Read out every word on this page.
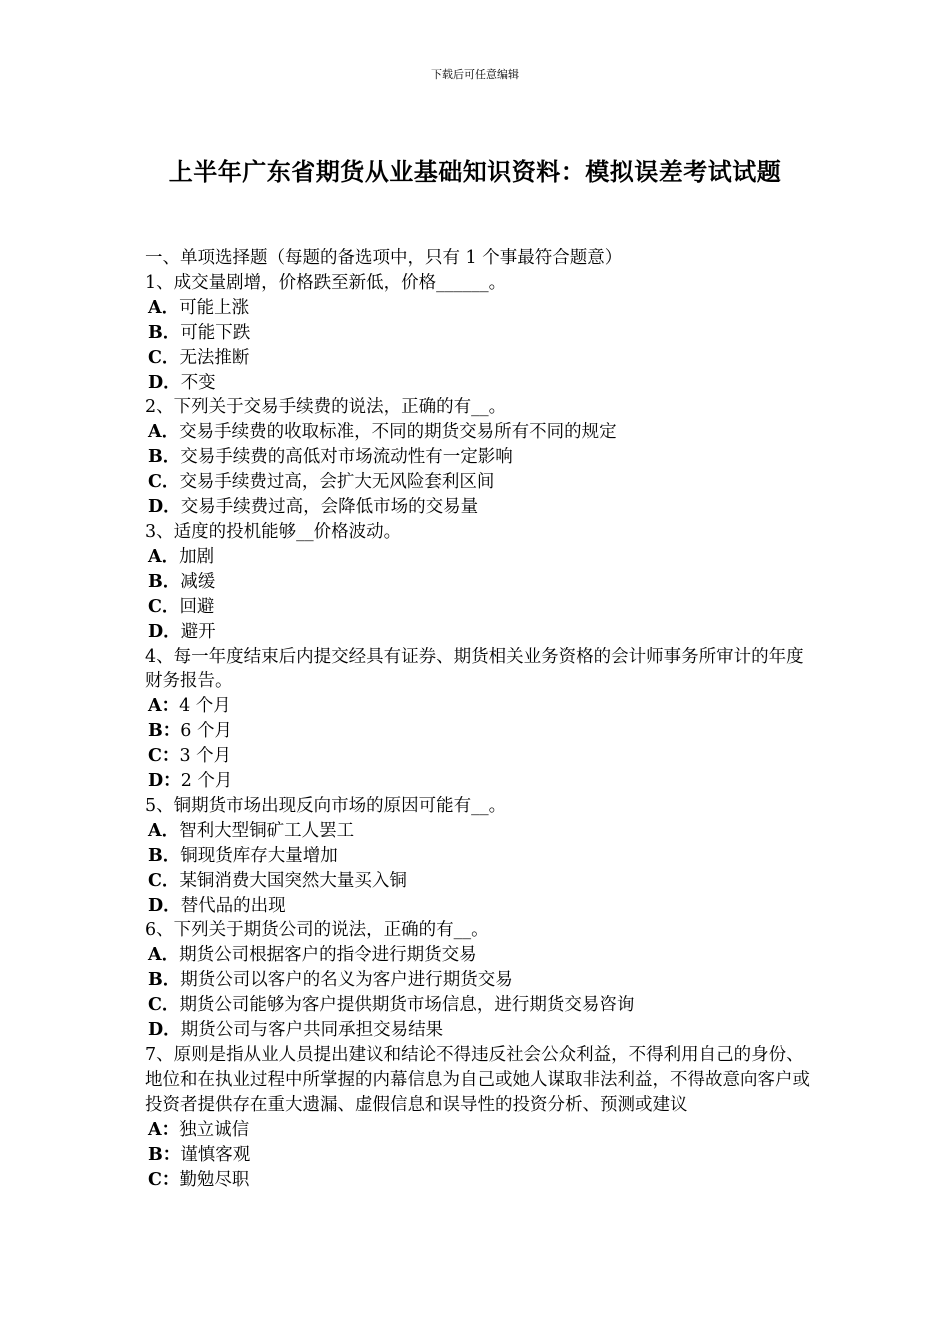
下载后可任意编辑
上半年广东省期货从业基础知识资料：模拟误差考试试题
一、单项选择题（每题的备选项中，只有 1 个事最符合题意）
1、成交量剧增，价格跌至新低，价格______。
A．可能上涨
B．可能下跌
C．无法推断
D．不变
2、下列关于交易手续费的说法，正确的有__。
A．交易手续费的收取标准，不同的期货交易所有不同的规定
B．交易手续费的高低对市场流动性有一定影响
C．交易手续费过高，会扩大无风险套利区间
D．交易手续费过高，会降低市场的交易量
3、适度的投机能够__价格波动。
A．加剧
B．减缓
C．回避
D．避开
4、每一年度结束后内提交经具有证券、期货相关业务资格的会计师事务所审计的年度财务报告。
A：4 个月
B：6 个月
C：3 个月
D：2 个月
5、铜期货市场出现反向市场的原因可能有__。
A．智利大型铜矿工人罢工
B．铜现货库存大量增加
C．某铜消费大国突然大量买入铜
D．替代品的出现
6、下列关于期货公司的说法，正确的有__。
A．期货公司根据客户的指令进行期货交易
B．期货公司以客户的名义为客户进行期货交易
C．期货公司能够为客户提供期货市场信息，进行期货交易咨询
D．期货公司与客户共同承担交易结果
7、原则是指从业人员提出建议和结论不得违反社会公众利益，不得利用自己的身份、地位和在执业过程中所掌握的内幕信息为自己或她人谋取非法利益，不得故意向客户或投资者提供存在重大遗漏、虚假信息和误导性的投资分析、预测或建议
A：独立诚信
B：谨慎客观
C：勤勉尽职
